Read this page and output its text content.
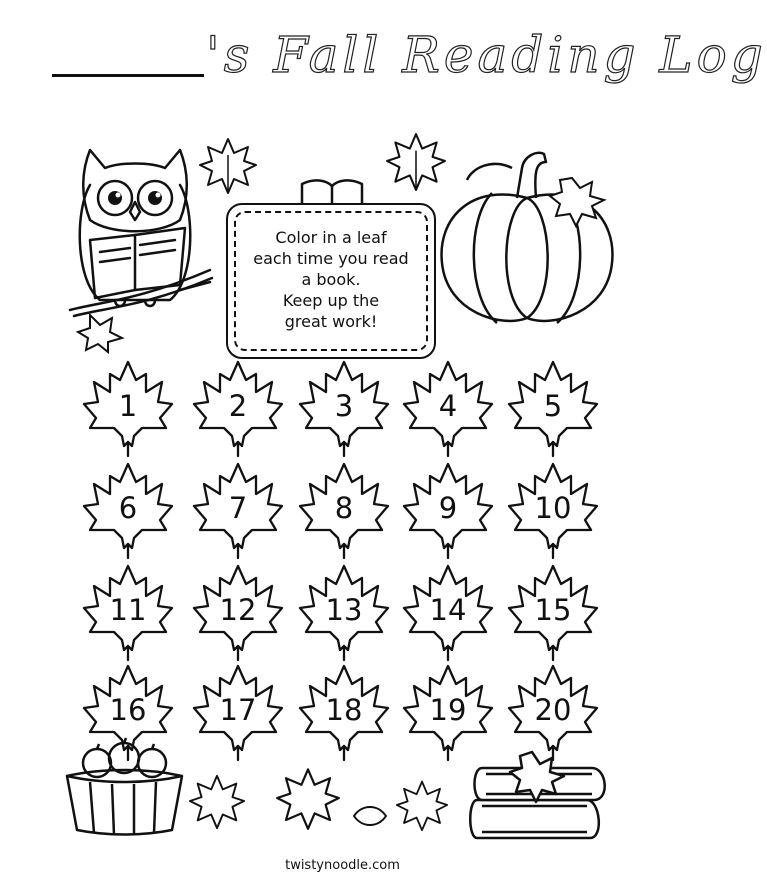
's Fall Reading Log
Color in a leaf
each time you read
a book.
Keep up the
great work!
1	2	3	4	5
6	7	8	9	10
11	12	13	14	15
16	17	18	19	20
twistynoodle.com
